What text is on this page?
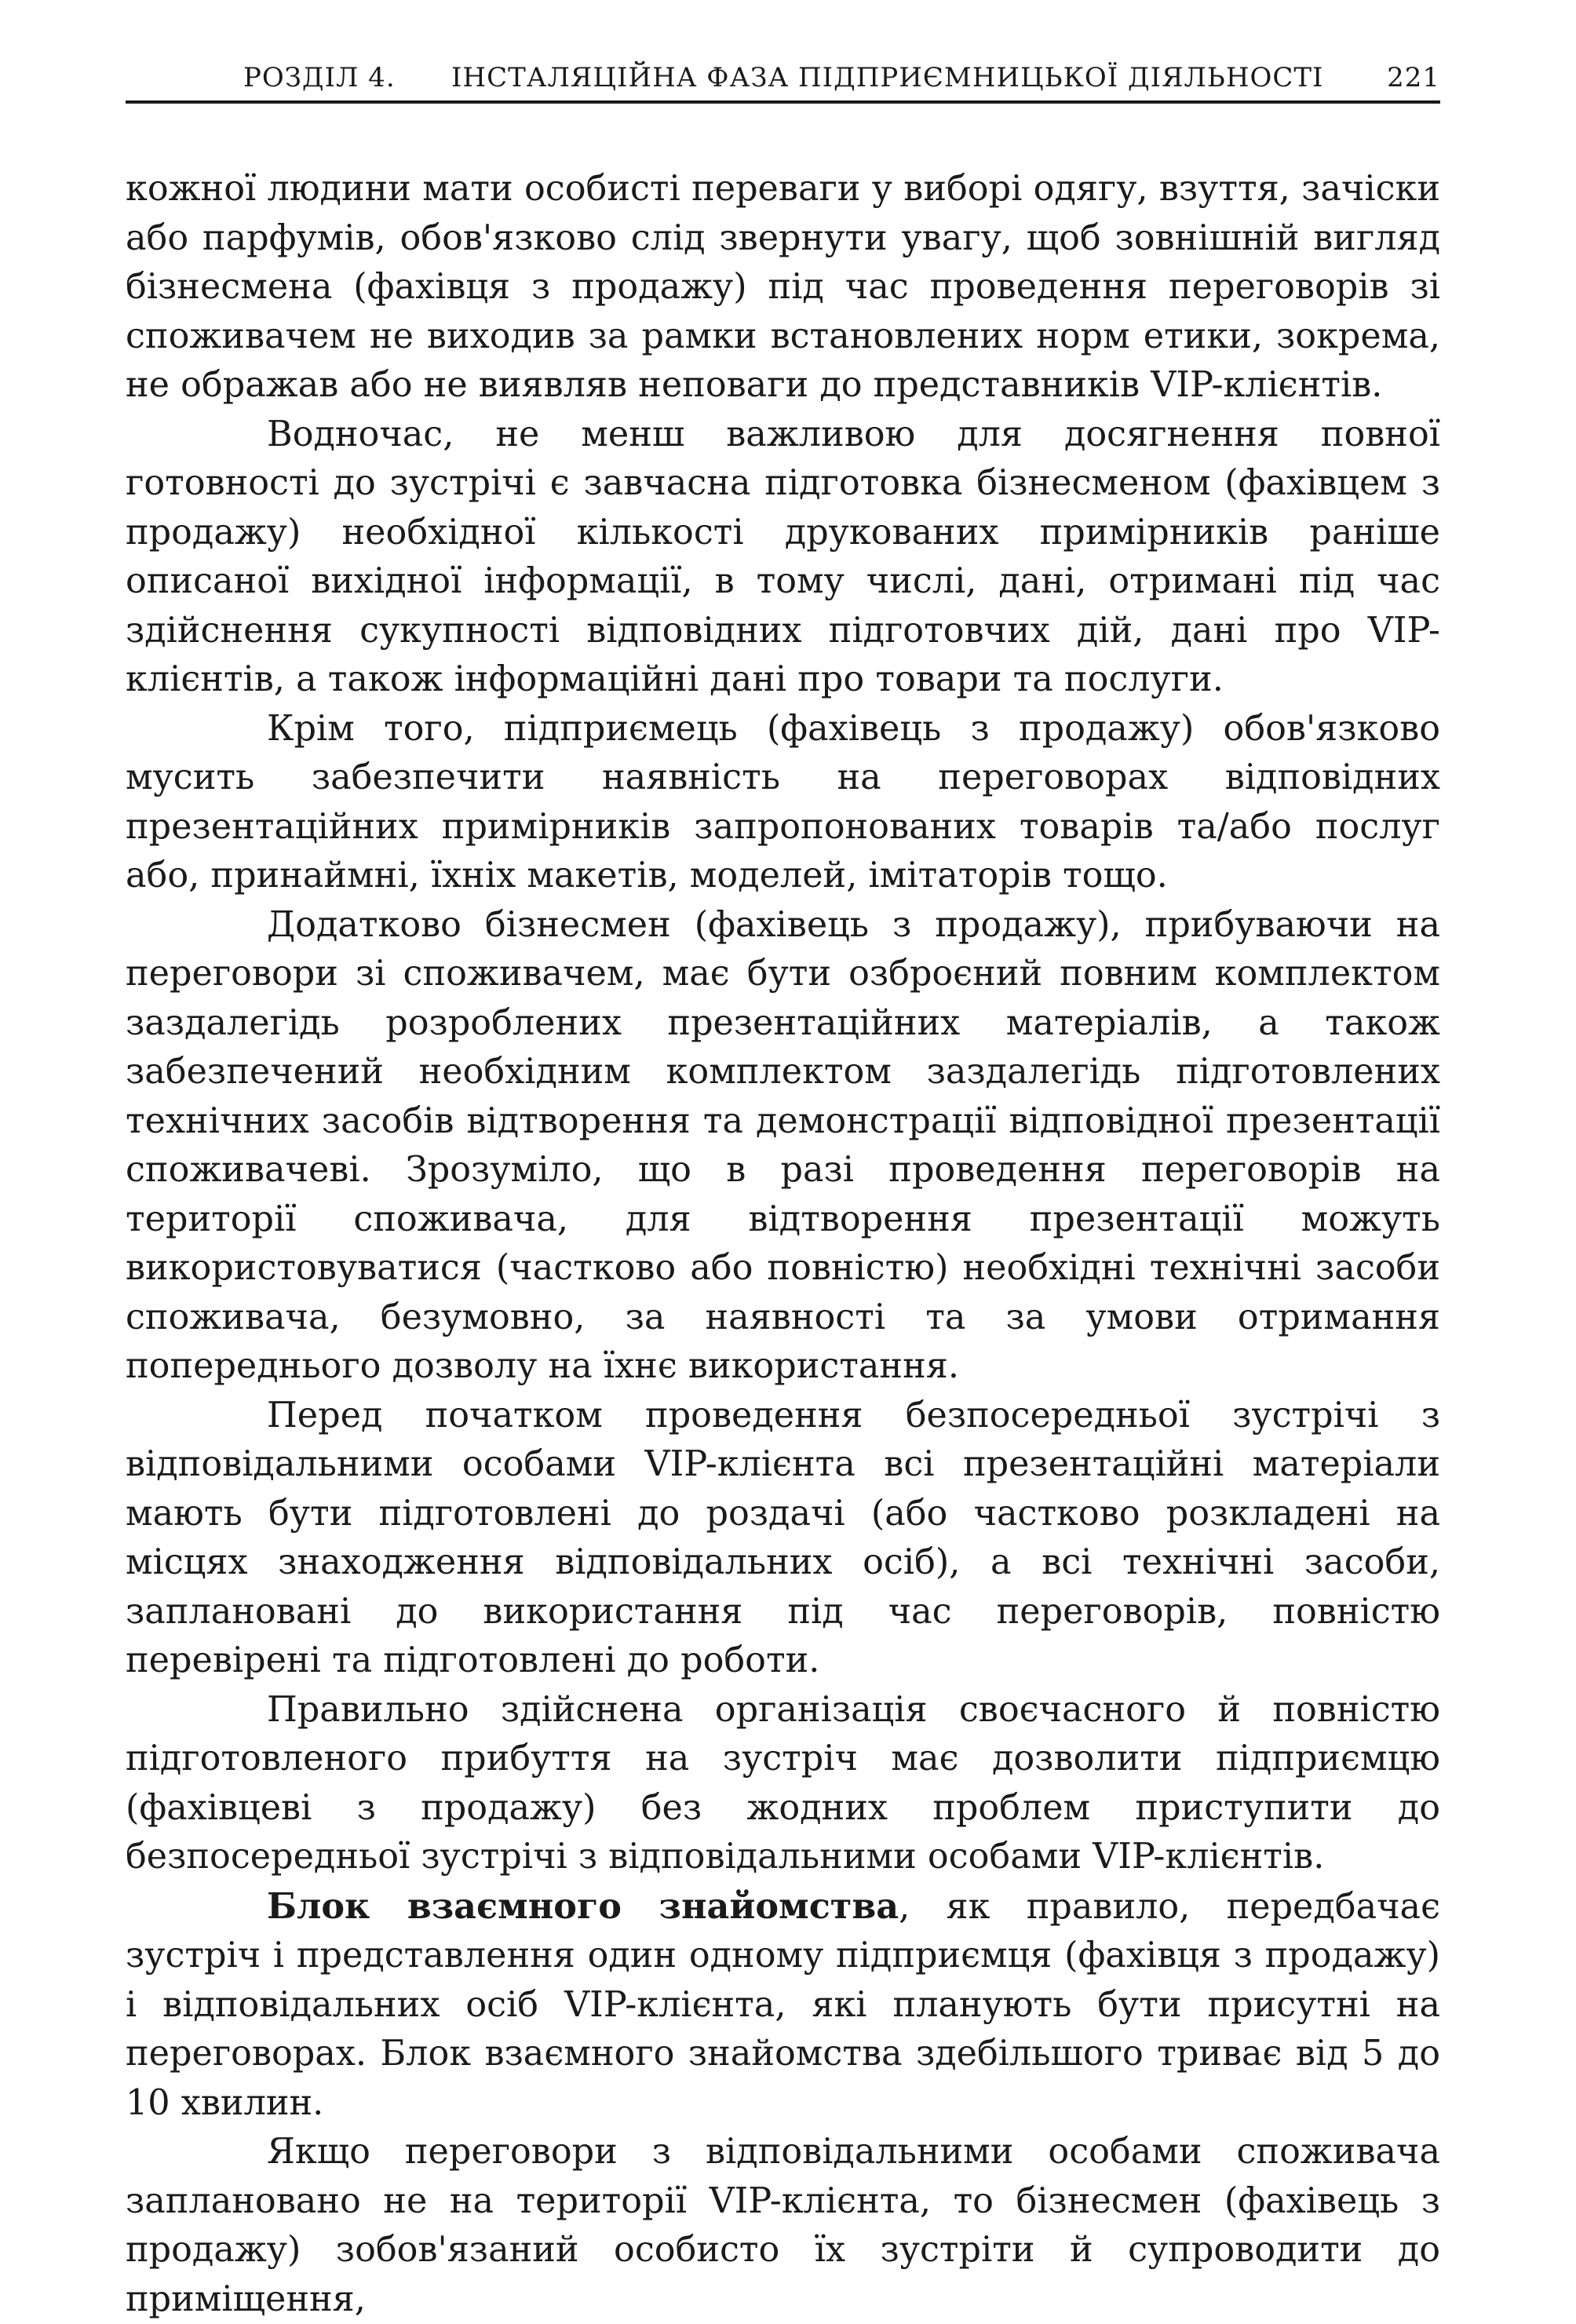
РОЗДІЛ 4. ІНСТАЛЯЦІЙНА ФАЗА ПІДПРИЄМНИЦЬКОЇ ДІЯЛЬНОСТІ 221

кожної людини мати особисті переваги у виборі одягу, взуття, зачіски або парфумів, обов'язково слід звернути увагу, щоб зовнішній вигляд бізнесмена (фахівця з продажу) під час проведення переговорів зі споживачем не виходив за рамки встановлених норм етики, зокрема, не ображав або не виявляв неповаги до представників VIP-клієнтів.

Водночас, не менш важливою для досягнення повної готовності до зустрічі є завчасна підготовка бізнесменом (фахівцем з продажу) необхідної кількості друкованих примірників раніше описаної вихідної інформації, в тому числі, дані, отримані під час здійснення сукупності відповідних підготовчих дій, дані про VIP-клієнтів, а також інформаційні дані про товари та послуги.

Крім того, підприємець (фахівець з продажу) обов'язково мусить забезпечити наявність на переговорах відповідних презентаційних примірників запропонованих товарів та/або послуг або, принаймні, їхніх макетів, моделей, імітаторів тощо.

Додатково бізнесмен (фахівець з продажу), прибуваючи на переговори зі споживачем, має бути озброєний повним комплектом заздалегідь розроблених презентаційних матеріалів, а також забезпечений необхідним комплектом заздалегідь підготовлених технічних засобів відтворення та демонстрації відповідної презентації споживачеві. Зрозуміло, що в разі проведення переговорів на території споживача, для відтворення презентації можуть використовуватися (частково або повністю) необхідні технічні засоби споживача, безумовно, за наявності та за умови отримання попереднього дозволу на їхнє використання.

Перед початком проведення безпосередньої зустрічі з відповідальними особами VIP-клієнта всі презентаційні матеріали мають бути підготовлені до роздачі (або частково розкладені на місцях знаходження відповідальних осіб), а всі технічні засоби, заплановані до використання під час переговорів, повністю перевірені та підготовлені до роботи.

Правильно здійснена організація своєчасного й повністю підготовленого прибуття на зустріч має дозволити підприємцю (фахівцеві з продажу) без жодних проблем приступити до безпосередньої зустрічі з відповідальними особами VIP-клієнтів.

Блок взаємного знайомства, як правило, передбачає зустріч і представлення один одному підприємця (фахівця з продажу) і відповідальних осіб VIP-клієнта, які планують бути присутні на переговорах. Блок взаємного знайомства здебільшого триває від 5 до 10 хвилин.

Якщо переговори з відповідальними особами споживача заплановано не на території VIP-клієнта, то бізнесмен (фахівець з продажу) зобов'язаний особисто їх зустріти й супроводити до приміщення,
